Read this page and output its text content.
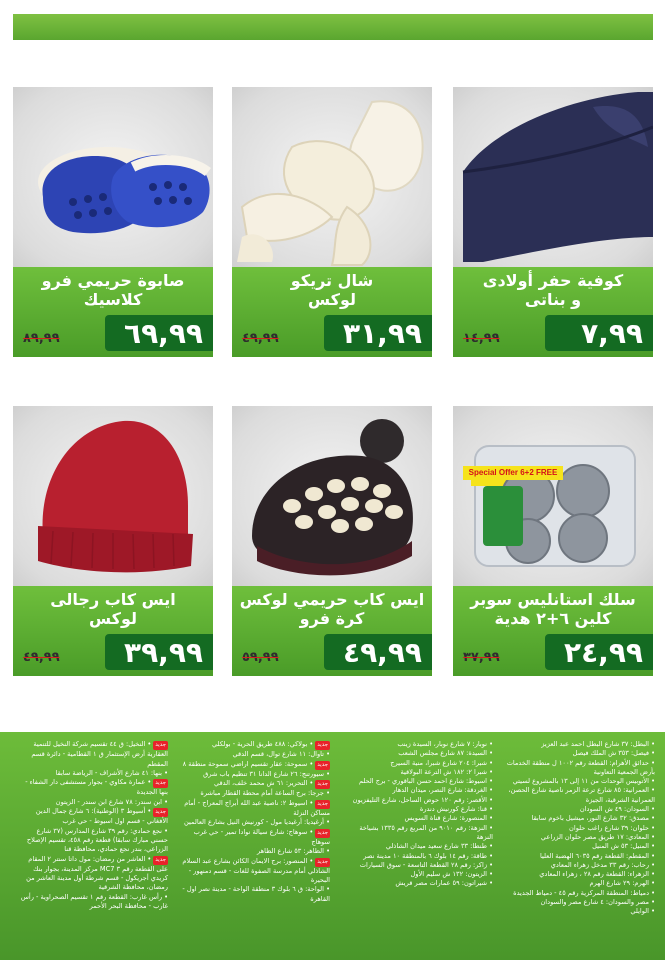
كوفية حفر أولادى
و بناتى
٧,٩٩
١٤,٩٩
شال تريكو
لوكس
٣١,٩٩
٤٩,٩٩
صابوة حريمي فرو
كلاسيك
٦٩,٩٩
٨٩,٩٩
Special Offer 6+2 FREE
سلك استانليس سوبر
كلين ٦+٢ هدية
٢٤,٩٩
٣٧,٩٩
ايس كاب حريمي لوكس
كرة فرو
٤٩,٩٩
٥٩,٩٩
ايس كاب رجالى
لوكس
٣٩,٩٩
٤٩,٩٩
• البطل: ٣٧ شارع البطل احمد عبد العزيز
• فيصل: ٣٥٣ ش الملك فيصل
• حدائق الأهرام: القطعة رقم ١٠٠٢ ل منطقة الخدمات بأرض الجمعية التعاونية
• الأتوبيس الوحدات من ١١ إلى ١٣ بالمشروع لسيتي
• العمرانية: ٨٥ شارع ترعة الزمر ناصية شارع الحصن، العمرانية الشرقية، الجيزة
• السودان: ٤٩ ش السودان
• مصدق: ٣٢ شارع النور، ميشيل باخوم سابقا
• حلوان: ٣٩ شارع راغب حلوان
• المعادي: ١٧ طريق مصر حلوان الزراعي
• المنيل: ٥٣ ش المنيل
• المقطم: القطعة رقم ٦٠٣٥ الهضبة العليا
• رحاب: رقم ٣٣ مدخل زهراء المعادي
• الزهراء: القطعة رقم ٢٨ ، زهراء المعادي
• الهرم: ٢٩ شارع الهرم
• دمياط: المنطقة المركزية رقم ٤٥ - دمياط الجديدة
• مصر والسودان: ٤ شارع مصر والسودان
• الوايلي
• نوبار: ٧ شارع نوبار، السيدة زينب
• السيدة: ٨٧ شارع مجلس الشعب
• شبرا: ٢٠٤ شارع شبرا، منية السيرج
• شبرا ٢: ١٨٢ ش الترعة البولاقية
• اسيوط: شارع احمد حسن الباقوري - برج الحلم
• الغردقة: شارع النصر، ميدان الدهار
• الأقصر: رقم ١٢٠ حوض الساحل، شارع التليفزيون
• قنا: شارع كورنيش دندرة
• المنصورة: شارع قناة السويس
• النزهة: رقم ٩٠١٠ من المربع رقم ١٣٣٥ بشياخة النزهة
• طنطا: ٣٣ شارع سعيد ميدان الشاذلي
• طاقة: رقم ١٤ بلوك ٦ بالمنطقة ١٠ مدينة نصر
• زاكر: رقم ٢٨ القطعة التاسعة - سوق السيارات
• الزيتون: ١٣٢ ش سليم الأول
• شيراتون: ٥٩ عمارات مصر قريش
جديد• بولاكي: ٤٨٨ طريق الحرية - بولكلي
• تاوال: ١١ شارع توال، قسم الدقي
جديد• سموحة: عقار تقسيم اراضي سموحة منطقة ٨
• سيورتنج: ٢٦ شارع الدانا ٣١ تنظيم باب شرق
جديد• التحرير: ٦١ ش محمد خلف، الدقي
• جرجا: برج الساعة أمام محطة القطار مباشرة
جديد• اسيوط ٢: ناصية عبد الله أبراج المعراج - أمام مساكن النزلة
• أرغيديا: أرغيديا مول - كورنيش النيل بشارع العالمين
جديد• سوهاج: شارع سيالة نوادا تمير - حي غرب سوهاج
• الظاهر: ٥٣ شارع الظاهر
جديد• المنصور: برج الايمان الكائن بشارع عبد السلام الشاذلي أمام مدرسة الصفوة للغات - قسم دمنهور - البحيرة
• الواحة: ق ٦ بلوك ٣ منطقة الواحة - مدينة نصر اول - القاهرة
جديد• النخيل: ق ٤٤ تقسيم شركة النخيل للتنمية العقارية أرض الإستثمار ق ١ القطامية - دائرة قسم المقطم
• بنها: ٤١ شارع الأشراف - الرياضة سابقا
جديد• عمارة مكاوي - بجوار مستشفى دار الشفاء - بنها الجديدة
• ابن سندر: ٧٨ شارع ابن سندر - الزيتون
جديد• أسيوط ٣ (الوطنية): ٦ شارع جمال الدين الأفغاني - قسم اول اسيوط - حي غرب
• نجع حمادي: رقم ٣٩ شارع المدارس (٣٧ شارع حسني مبارك سابقا) قطعة رقم ٤٥٨، تقسيم الإصلاح الزراعي، بندر نجع حمادي، محافظة قنا
جديد• العاشر من رمضان: مول داتا سنتر ٢ المقام على القطعة رقم ٣ MC7 مركز المدينة، بجوار بنك كريدي أجريكول - قسم شرطة أول مدينة العاشر من رمضان، محافظة الشرقية
• رأس غارب: القطعة رقم ١ تقسيم الصحراوية - رأس غارب - محافظة البحر الأحمر
